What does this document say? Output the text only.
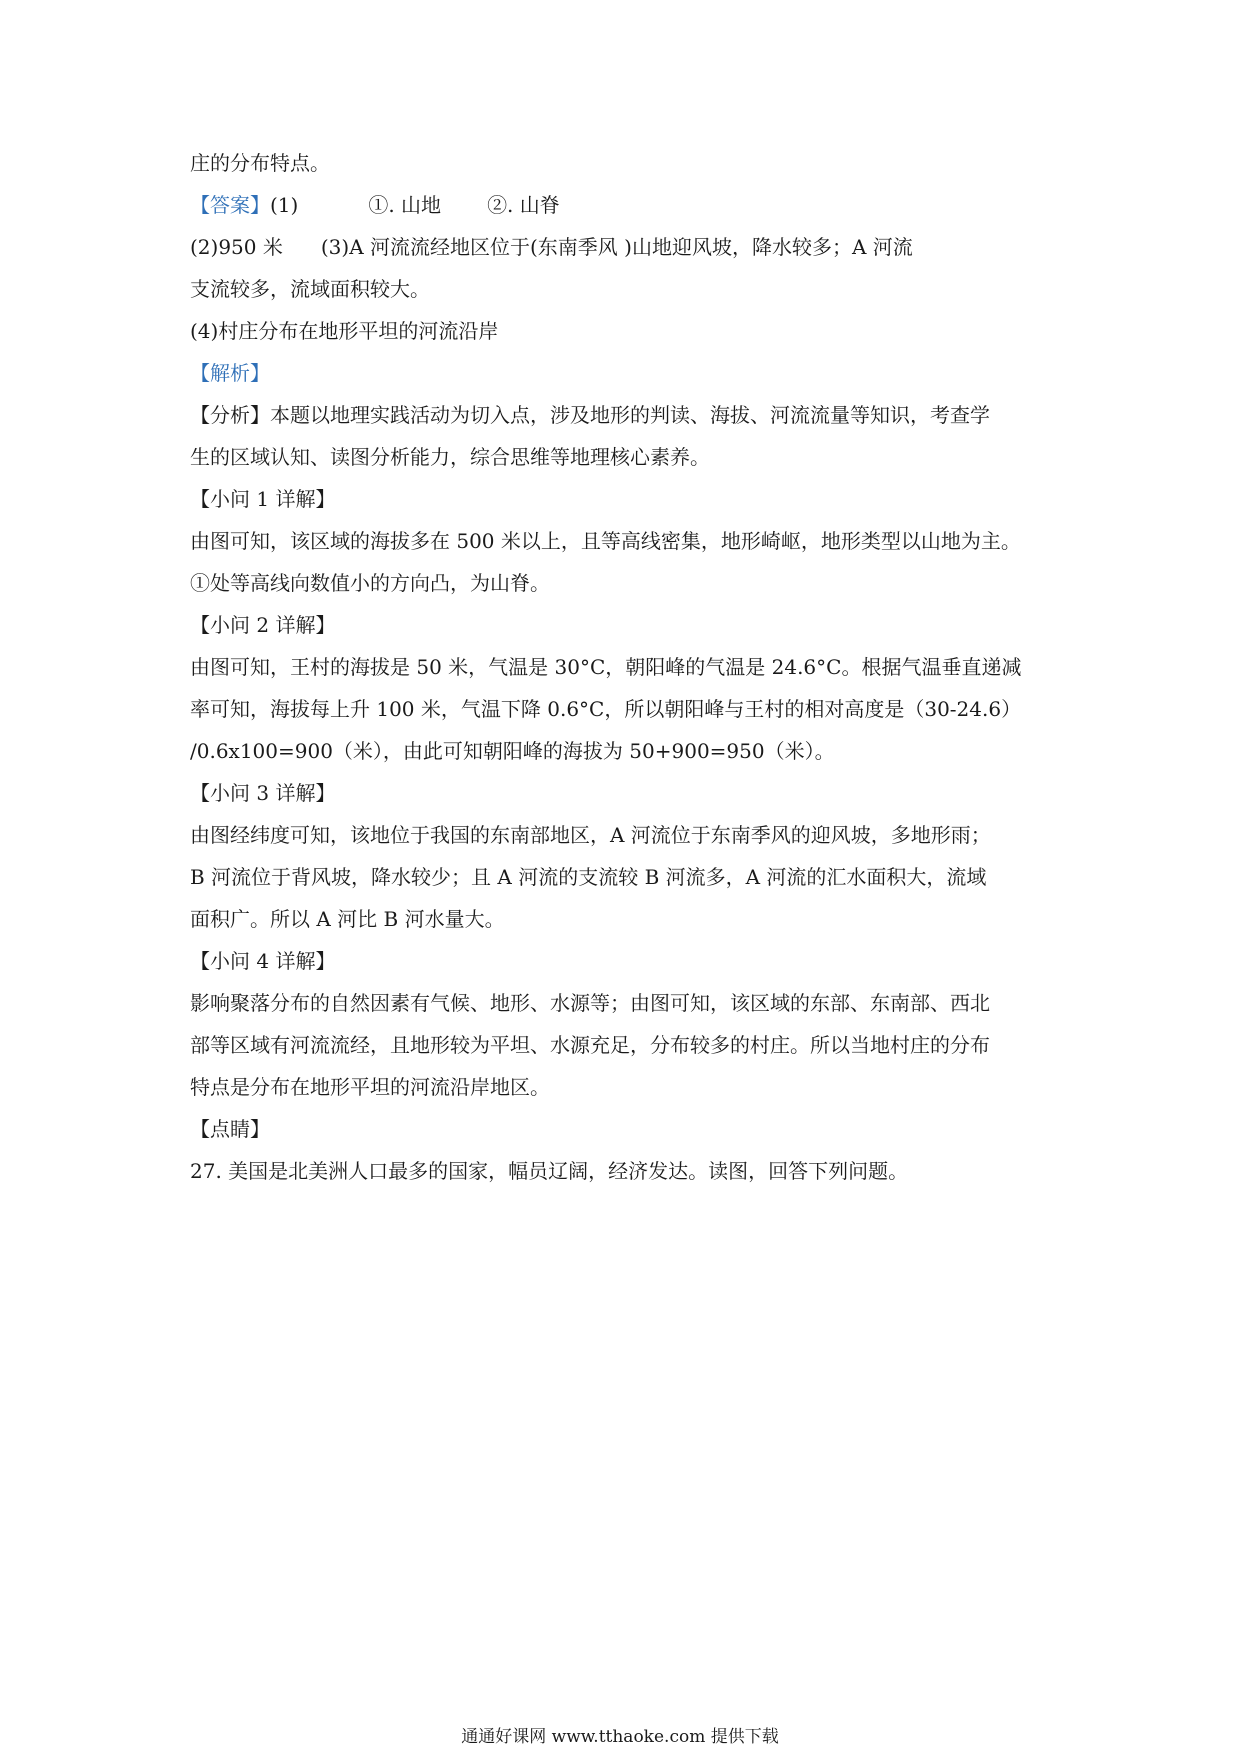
庄的分布特点。
【答案】(1)	①. 山地 ②. 山脊
(2)950 米 (3)A 河流流经地区位于(东南季风 )山地迎风坡，降水较多；A 河流
支流较多，流域面积较大。
(4)村庄分布在地形平坦的河流沿岸
【解析】
【分析】本题以地理实践活动为切入点，涉及地形的判读、海拔、河流流量等知识，考查学
生的区域认知、读图分析能力，综合思维等地理核心素养。
【小问 1 详解】
由图可知，该区域的海拔多在 500 米以上，且等高线密集，地形崎岖，地形类型以山地为主。
①处等高线向数值小的方向凸，为山脊。
【小问 2 详解】
由图可知，王村的海拔是 50 米，气温是 30°C，朝阳峰的气温是 24.6°C。根据气温垂直递减
率可知，海拔每上升 100 米，气温下降 0.6°C，所以朝阳峰与王村的相对高度是（30-24.6）
/0.6x100=900（米），由此可知朝阳峰的海拔为 50+900=950（米）。
【小问 3 详解】
由图经纬度可知，该地位于我国的东南部地区，A 河流位于东南季风的迎风坡，多地形雨；
B 河流位于背风坡，降水较少；且 A 河流的支流较 B 河流多，A 河流的汇水面积大，流域
面积广。所以 A 河比 B 河水量大。
【小问 4 详解】
影响聚落分布的自然因素有气候、地形、水源等；由图可知，该区域的东部、东南部、西北
部等区域有河流流经，且地形较为平坦、水源充足，分布较多的村庄。所以当地村庄的分布
特点是分布在地形平坦的河流沿岸地区。
【点睛】
27. 美国是北美洲人口最多的国家，幅员辽阔，经济发达。读图，回答下列问题。
通通好课网 www.tthaoke.com 提供下载
